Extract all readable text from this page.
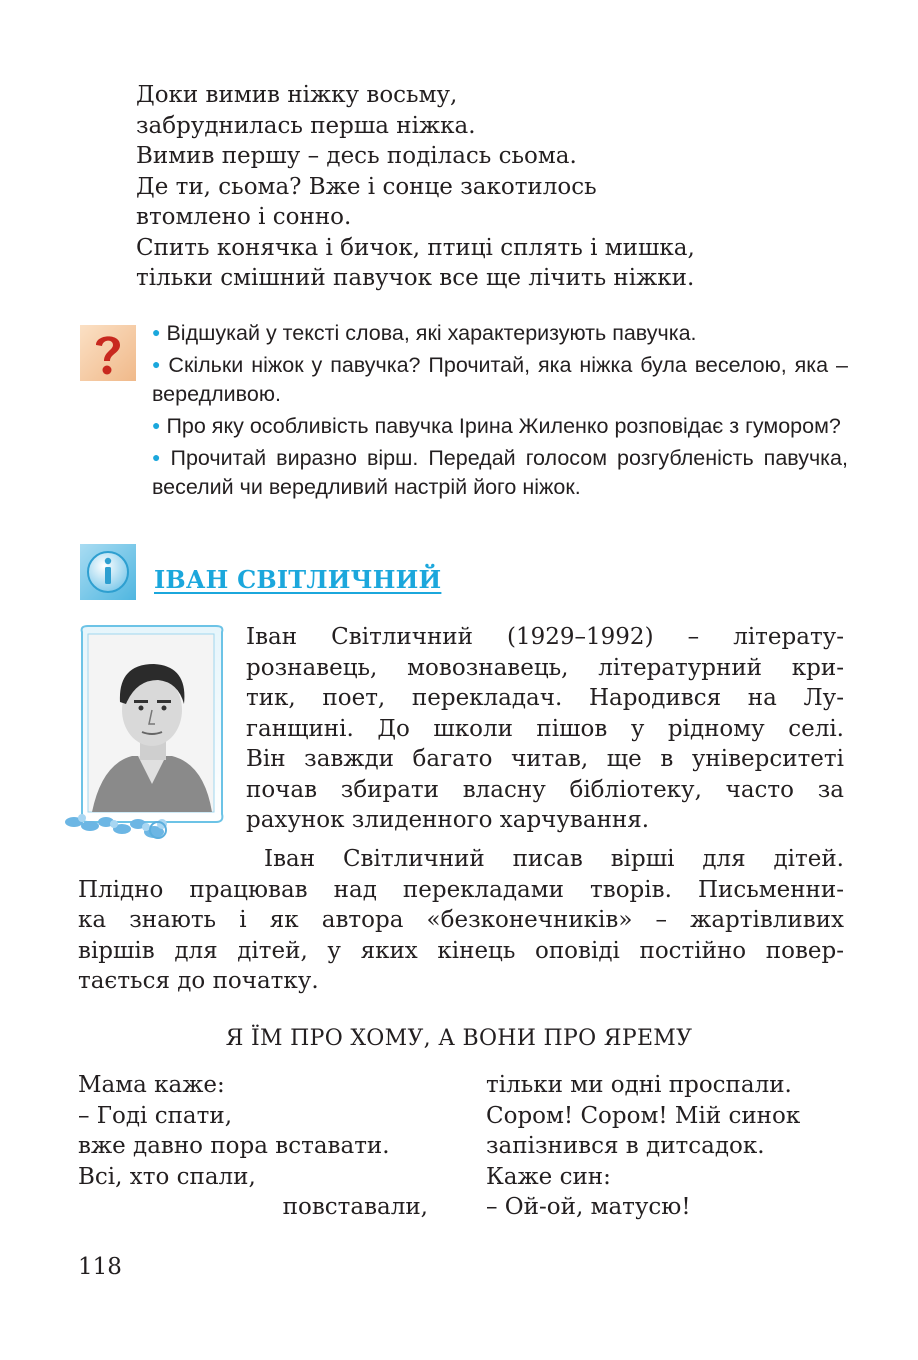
Доки вимив ніжку восьму,
забруднилась перша ніжка.
Вимив першу – десь поділась сьома.
Де ти, сьома? Вже і сонце закотилось
втомлено і сонно.
Спить конячка і бичок, птиці сплять і мишка,
тільки смішний павучок все ще лічить ніжки.
● Відшукай у тексті слова, які характеризують павучка.
● Скільки ніжок у павучка? Прочитай, яка ніжка була веселою, яка – вередливою.
● Про яку особливість павучка Ірина Жиленко розповідає з гумором?
● Прочитай виразно вірш. Передай голосом розгубленість павучка, веселий чи вередливий настрій його ніжок.
ІВАН СВІТЛИЧНИЙ
Іван Світличний (1929–1992) – літерату-
рознавець, мовознавець, літературний кри-
тик, поет, перекладач. Народився на Лу-
ганщині. До школи пішов у рідному селі.
Він завжди багато читав, ще в університеті
почав збирати власну бібліотеку, часто за
рахунок злиденного харчування.
Іван Світличний писав вірші для дітей.
Плідно працював над перекладами творів. Письменни-
ка знають і як автора «безконечників» – жартівливих
віршів для дітей, у яких кінець оповіді постійно повер-
тається до початку.
Я ЇМ ПРО ХОМУ, А ВОНИ ПРО ЯРЕМУ
Мама каже:
– Годі спати,
вже давно пора вставати.
Всі, хто спали,
повставали,
тільки ми одні проспали.
Сором! Сором! Мій синок
запізнився в дитсадок.
Каже син:
– Ой-ой, матусю!
118
